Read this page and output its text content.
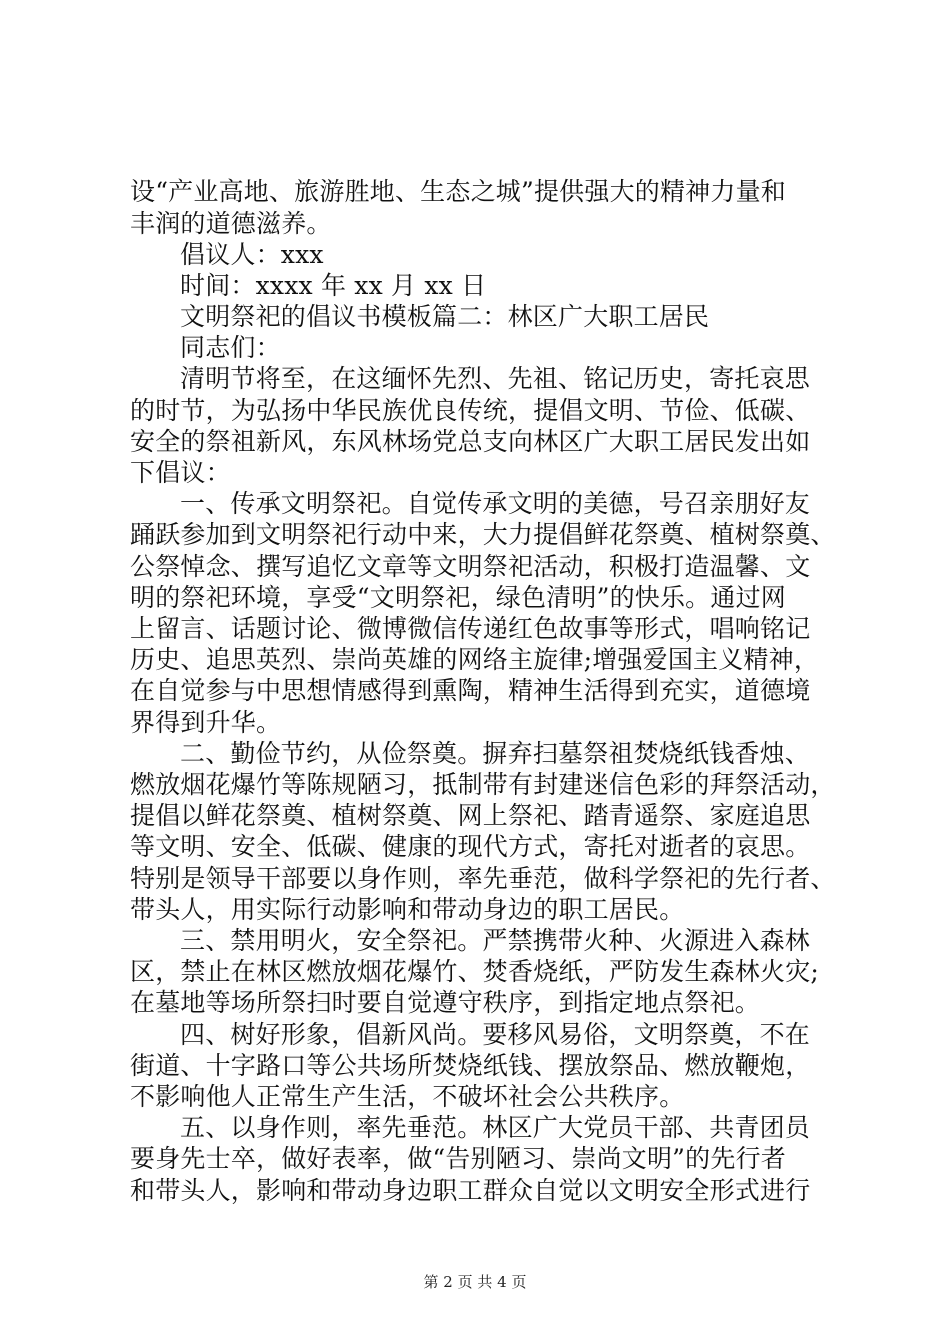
设“产业高地、旅游胜地、生态之城”提供强大的精神力量和
丰润的道德滋养。
倡议人：xxx
时间：xxxx 年 xx 月 xx 日
文明祭祀的倡议书模板篇二：林区广大职工居民
同志们：
清明节将至，在这缅怀先烈、先祖、铭记历史，寄托哀思
的时节，为弘扬中华民族优良传统，提倡文明、节俭、低碳、
安全的祭祖新风，东风林场党总支向林区广大职工居民发出如
下倡议：
一、传承文明祭祀。自觉传承文明的美德，号召亲朋好友
踊跃参加到文明祭祀行动中来，大力提倡鲜花祭奠、植树祭奠、
公祭悼念、撰写追忆文章等文明祭祀活动，积极打造温馨、文
明的祭祀环境，享受“文明祭祀，绿色清明”的快乐。通过网
上留言、话题讨论、微博微信传递红色故事等形式，唱响铭记
历史、追思英烈、崇尚英雄的网络主旋律;增强爱国主义精神，
在自觉参与中思想情感得到熏陶，精神生活得到充实，道德境
界得到升华。
二、勤俭节约，从俭祭奠。摒弃扫墓祭祖焚烧纸钱香烛、
燃放烟花爆竹等陈规陋习，抵制带有封建迷信色彩的拜祭活动，
提倡以鲜花祭奠、植树祭奠、网上祭祀、踏青遥祭、家庭追思
等文明、安全、低碳、健康的现代方式，寄托对逝者的哀思。
特别是领导干部要以身作则，率先垂范，做科学祭祀的先行者、
带头人，用实际行动影响和带动身边的职工居民。
三、禁用明火，安全祭祀。严禁携带火种、火源进入森林
区，禁止在林区燃放烟花爆竹、焚香烧纸，严防发生森林火灾;
在墓地等场所祭扫时要自觉遵守秩序，到指定地点祭祀。
四、树好形象，倡新风尚。要移风易俗，文明祭奠，不在
街道、十字路口等公共场所焚烧纸钱、摆放祭品、燃放鞭炮，
不影响他人正常生产生活，不破坏社会公共秩序。
五、以身作则，率先垂范。林区广大党员干部、共青团员
要身先士卒，做好表率，做“告别陋习、崇尚文明”的先行者
和带头人，影响和带动身边职工群众自觉以文明安全形式进行
第 2 页 共 4 页
